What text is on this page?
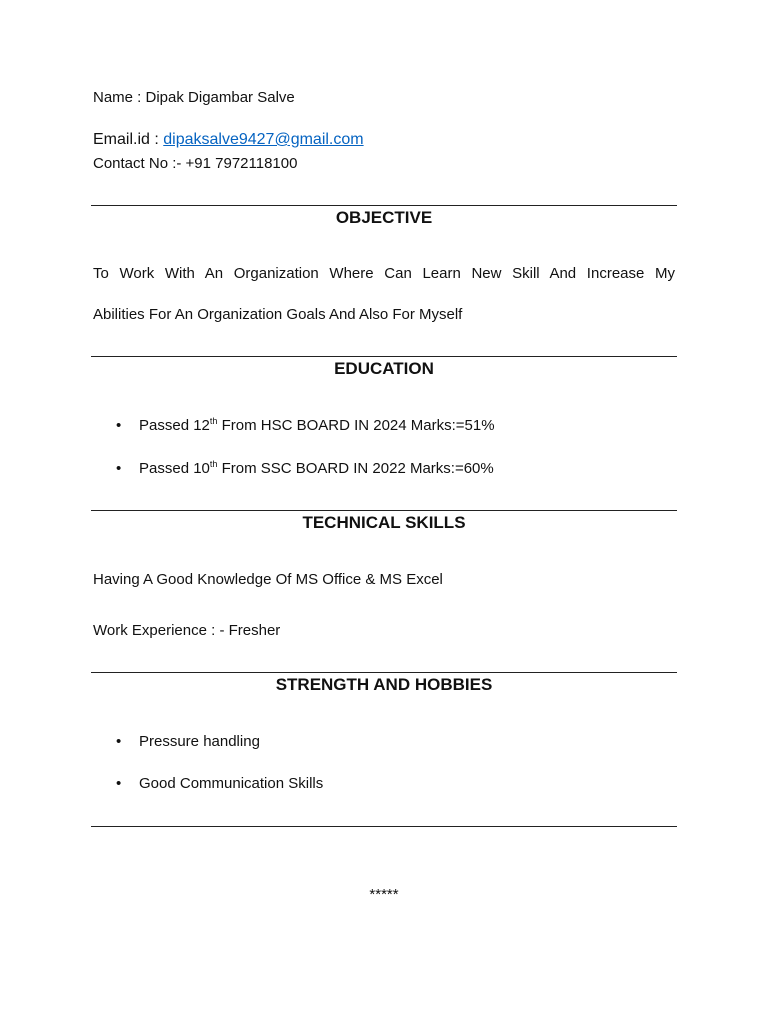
Name : Dipak Digambar Salve
Email.id : dipaksalve9427@gmail.com
Contact No :- +91 7972118100
OBJECTIVE
To Work With An Organization Where Can Learn New Skill And Increase My
Abilities For An Organization Goals And Also For Myself
EDUCATION
• Passed 12th From HSC BOARD IN 2024 Marks:=51%
• Passed 10th From SSC BOARD IN 2022 Marks:=60%
TECHNICAL SKILLS
Having A Good Knowledge Of MS Office & MS Excel
Work Experience : - Fresher
STRENGTH AND HOBBIES
• Pressure handling
• Good Communication Skills
*****
